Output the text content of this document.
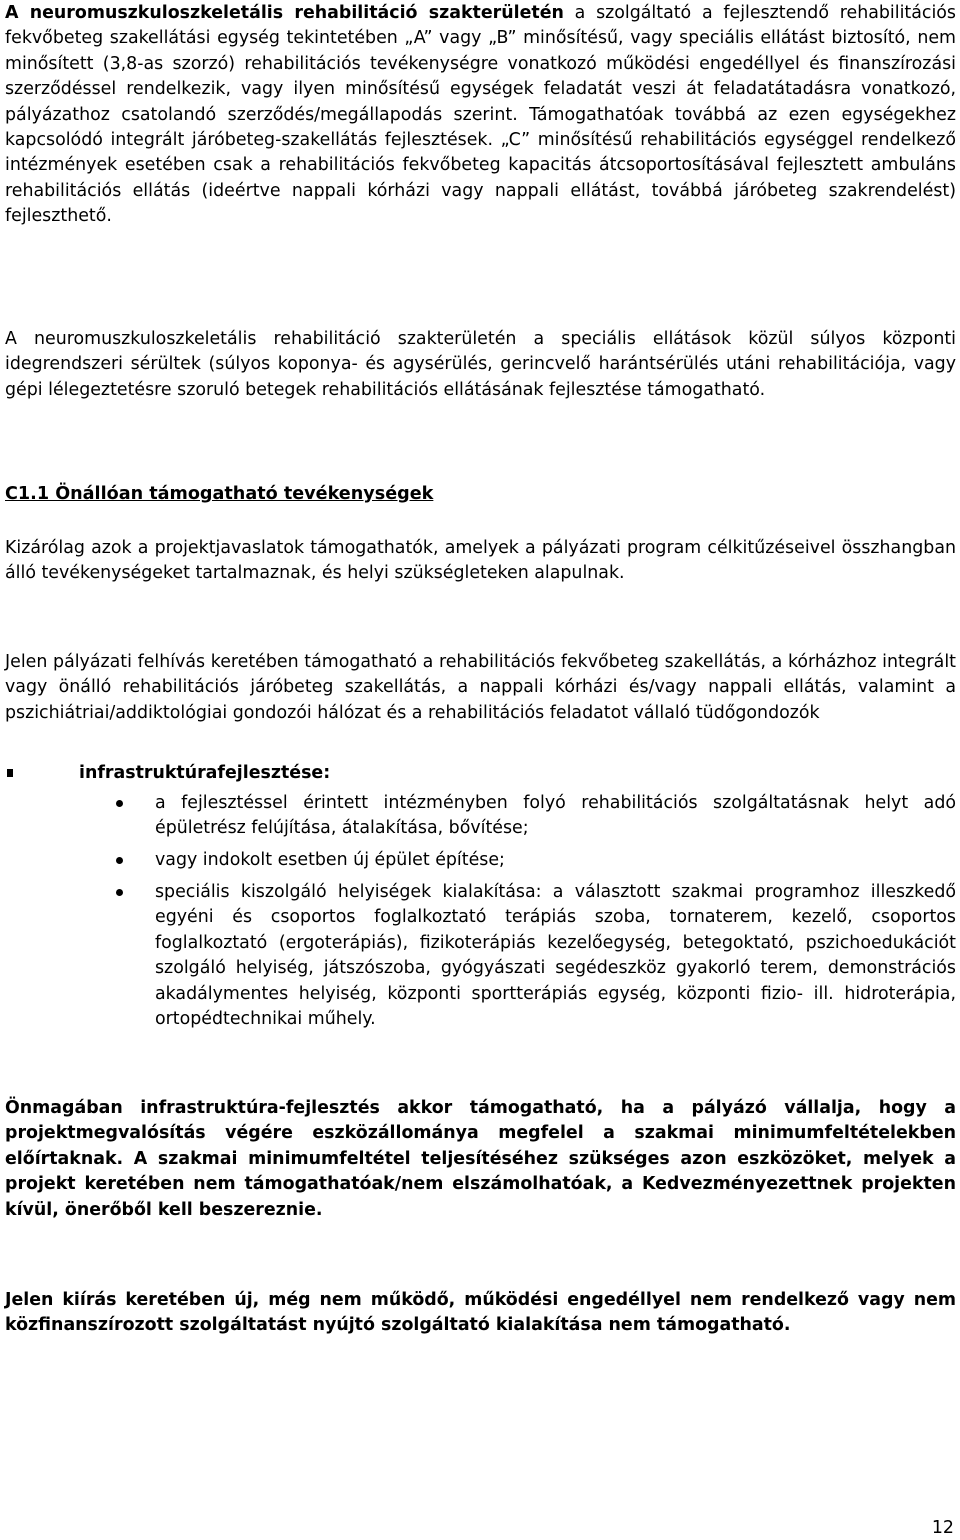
A neuromuszkuloszkeletális rehabilitáció szakterületén a szolgáltató a fejlesztendő rehabilitációs fekvőbeteg szakellátási egység tekintetében „A” vagy „B” minősítésű, vagy speciális ellátást biztosító, nem minősített (3,8-as szorzó) rehabilitációs tevékenységre vonatkozó működési engedéllyel és finanszírozási szerződéssel rendelkezik, vagy ilyen minősítésű egységek feladatát veszi át feladatátadásra vonatkozó, pályázathoz csatolandó szerződés/megállapodás szerint. Támogathatóak továbbá az ezen egységekhez kapcsolódó integrált járóbeteg-szakellátás fejlesztések. „C” minősítésű rehabilitációs egységgel rendelkező intézmények esetében csak a rehabilitációs fekvőbeteg kapacitás átcsoportosításával fejlesztett ambuláns rehabilitációs ellátás (ideértve nappali kórházi vagy nappali ellátást, továbbá járóbeteg szakrendelést) fejleszthető.

A neuromuszkuloszkeletális rehabilitáció szakterületén a speciális ellátások közül súlyos központi idegrendszeri sérültek (súlyos koponya- és agysérülés, gerincvelő harántsérülés utáni rehabilitációja, vagy gépi lélegeztetésre szoruló betegek rehabilitációs ellátásának fejlesztése támogatható.

C1.1 Önállóan támogatható tevékenységek

Kizárólag azok a projektjavaslatok támogathatók, amelyek a pályázati program célkitűzéseivel összhangban álló tevékenységeket tartalmaznak, és helyi szükségleteken alapulnak.

Jelen pályázati felhívás keretében támogatható a rehabilitációs fekvőbeteg szakellátás, a kórházhoz integrált vagy önálló rehabilitációs járóbeteg szakellátás, a nappali kórházi és/vagy nappali ellátás, valamint a pszichiátriai/addiktológiai gondozói hálózat és a rehabilitációs feladatot vállaló tüdőgondozók

infrastruktúrafejlesztése:

a fejlesztéssel érintett intézményben folyó rehabilitációs szolgáltatásnak helyt adó épületrész felújítása, átalakítása, bővítése;

vagy indokolt esetben új épület építése;

speciális kiszolgáló helyiségek kialakítása: a választott szakmai programhoz illeszkedő egyéni és csoportos foglalkoztató terápiás szoba, tornaterem, kezelő, csoportos foglalkoztató (ergoterápiás), fizikoterápiás kezelőegység, betegoktató, pszichoedukációt szolgáló helyiség, játszószoba, gyógyászati segédeszköz gyakorló terem, demonstrációs akadálymentes helyiség, központi sportterápiás egység, központi fizio- ill. hidroterápia, ortopédtechnikai műhely.

Önmagában infrastruktúra-fejlesztés akkor támogatható, ha a pályázó vállalja, hogy a projektmegvalósítás végére eszközállománya megfelel a szakmai minimumfeltételekben előírtaknak. A szakmai minimumfeltétel teljesítéséhez szükséges azon eszközöket, melyek a projekt keretében nem támogathatóak/nem elszámolhatóak, a Kedvezményezettnek projekten kívül, önerőből kell beszereznie.

Jelen kiírás keretében új, még nem működő, működési engedéllyel nem rendelkező vagy nem közfinanszírozott szolgáltatást nyújtó szolgáltató kialakítása nem támogatható.

12
